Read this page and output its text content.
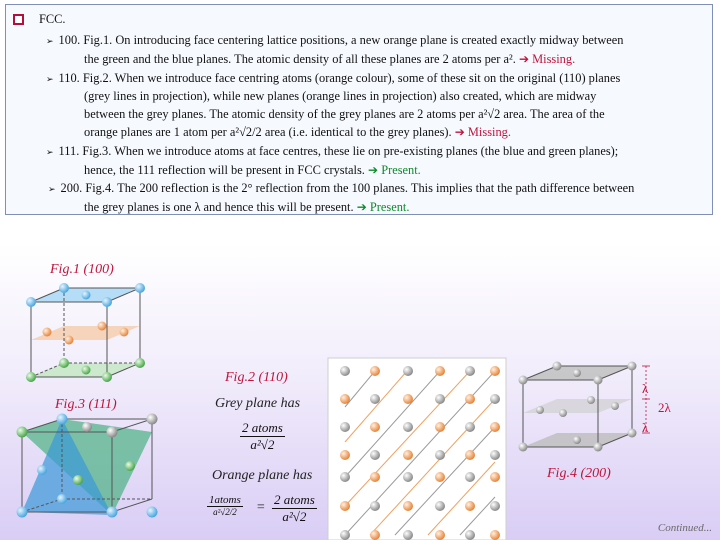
FCC.
➢ 100. Fig.1. On introducing face centering lattice positions, a new orange plane is created exactly midway between
the green and the blue planes. The atomic density of all these planes are 2 atoms per a². ➔ Missing.
➢ 110. Fig.2. When we introduce face centring atoms (orange colour), some of these sit on the original (110) planes
(grey lines in projection), while new planes (orange lines in projection) also created, which are midway
between the grey planes. The atomic density of the grey planes are 2 atoms per a²√2 area. The area of the
orange planes are 1 atom per a²√2/2 area (i.e. identical to the grey planes). ➔ Missing.
➢ 111. Fig.3. When we introduce atoms at face centres, these lie on pre-existing planes (the blue and green planes);
hence, the 111 reflection will be present in FCC crystals. ➔ Present.
➢ 200. Fig.4. The 200 reflection is the 2° reflection from the 100 planes. This implies that the path difference between
the grey planes is one λ and hence this will be present. ➔ Present.
Fig.1 (100)
Fig.3 (111)
Fig.2 (110)
Grey plane has
2 atoms
a²√2
Orange plane has
1atoms
a²√2/2	=
2 atoms
a²√2
Fig.4 (200)
λ
2λ
λ
Continued...
